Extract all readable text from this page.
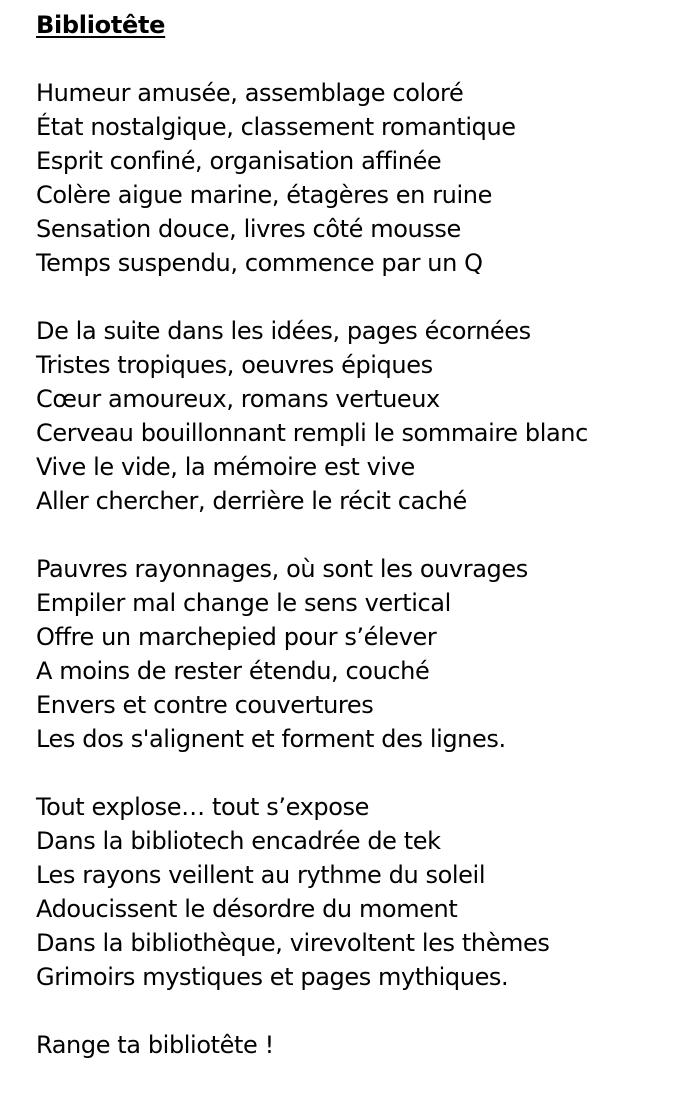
Bibliotête
Humeur amusée, assemblage coloré
État nostalgique, classement romantique
Esprit confiné, organisation affinée
Colère aigue marine, étagères en ruine
Sensation douce, livres côté mousse
Temps suspendu, commence par un Q
De la suite dans les idées, pages écornées
Tristes tropiques, oeuvres épiques
Cœur amoureux, romans vertueux
Cerveau bouillonnant rempli le sommaire blanc
Vive le vide, la mémoire est vive
Aller chercher, derrière le récit caché
Pauvres rayonnages, où sont les ouvrages
Empiler mal change le sens vertical
Offre un marchepied pour s’élever
A moins de rester étendu, couché
Envers et contre couvertures
Les dos s'alignent et forment des lignes.
Tout explose… tout s’expose
Dans la bibliotech encadrée de tek
Les rayons veillent au rythme du soleil
Adoucissent le désordre du moment
Dans la bibliothèque, virevoltent les thèmes
Grimoirs mystiques et pages mythiques.
Range ta bibliotête !
